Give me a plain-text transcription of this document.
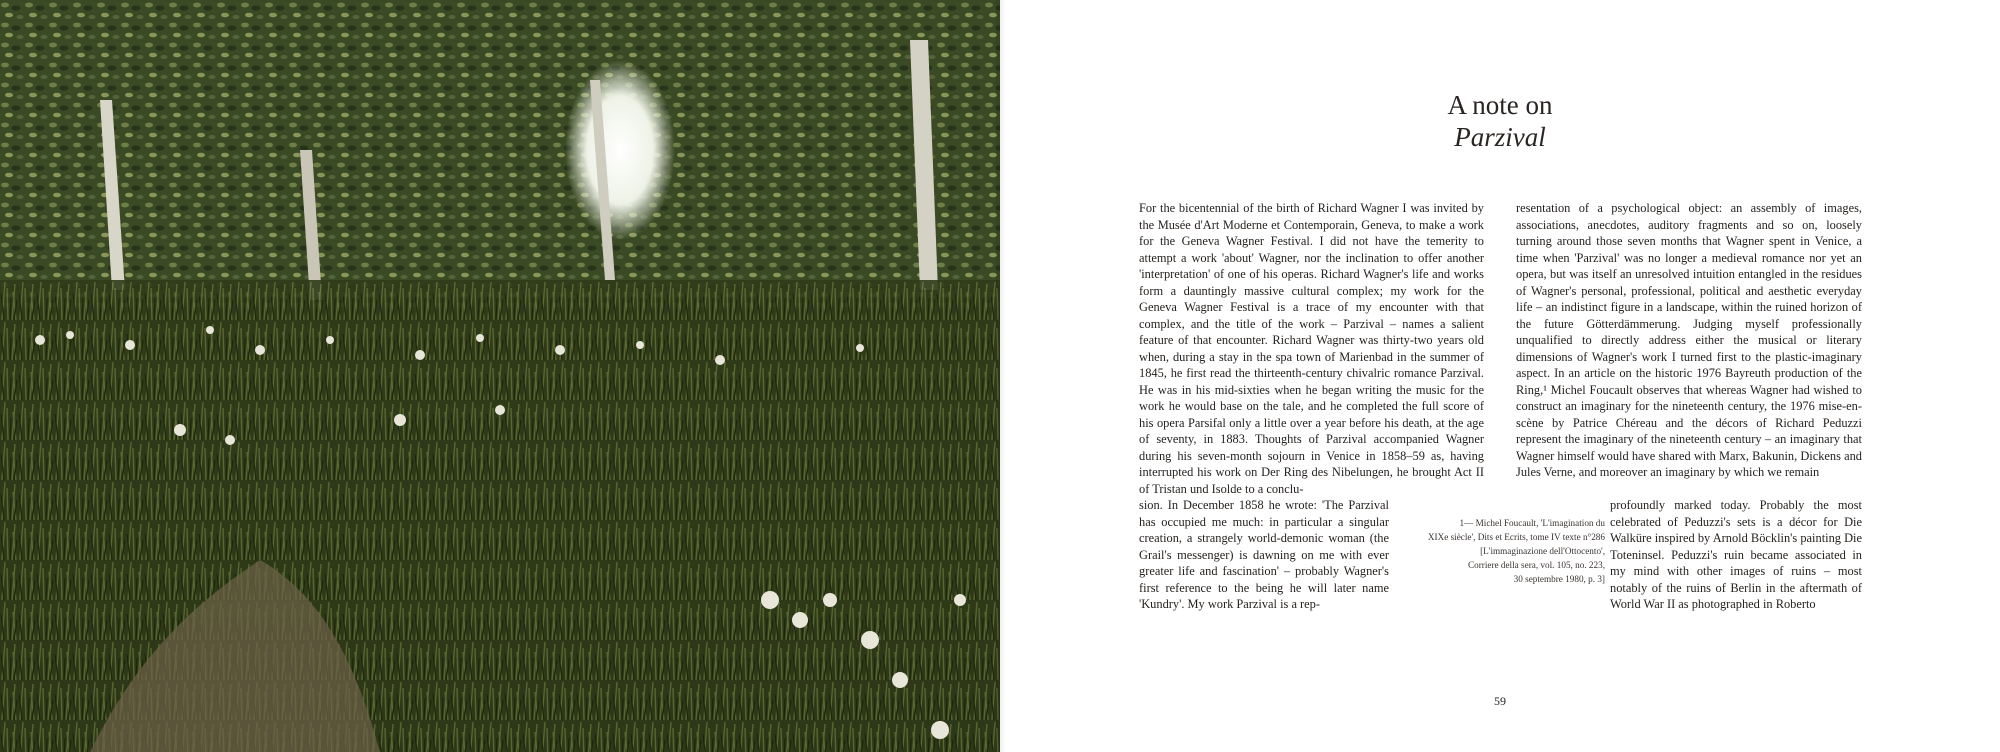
A note on
Parzival

For the bicentennial of the birth of Richard Wagner I was invited by the Musée d'Art Moderne et Contemporain, Geneva, to make a work for the Geneva Wagner Festival. I did not have the temerity to attempt a work 'about' Wagner, nor the inclination to offer another 'interpretation' of one of his operas. Richard Wagner's life and works form a dauntingly massive cultural complex; my work for the Geneva Wagner Festival is a trace of my encounter with that complex, and the title of the work – Parzival – names a salient feature of that encounter. Richard Wagner was thirty-two years old when, during a stay in the spa town of Marienbad in the summer of 1845, he first read the thirteenth-century chivalric romance Parzival. He was in his mid-sixties when he began writing the music for the work he would base on the tale, and he completed the full score of his opera Parsifal only a little over a year before his death, at the age of seventy, in 1883. Thoughts of Parzival accompanied Wagner during his seven-month sojourn in Venice in 1858–59 as, having interrupted his work on Der Ring des Nibelungen, he brought Act II of Tristan und Isolde to a conclu-

sion. In December 1858 he wrote: 'The Parzival has occupied me much: in particular a singular creation, a strangely world-demonic woman (the Grail's messenger) is dawning on me with ever greater life and fascination' – probably Wagner's first reference to the being he will later name 'Kundry'. My work Parzival is a rep-

resentation of a psychological object: an assembly of images, associations, anecdotes, auditory fragments and so on, loosely turning around those seven months that Wagner spent in Venice, a time when 'Parzival' was no longer a medieval romance nor yet an opera, but was itself an unresolved intuition entangled in the residues of Wagner's personal, professional, political and aesthetic everyday life – an indistinct figure in a landscape, within the ruined horizon of the future Götterdämmerung. Judging myself professionally unqualified to directly address either the musical or literary dimensions of Wagner's work I turned first to the plastic-imaginary aspect. In an article on the historic 1976 Bayreuth production of the Ring,¹ Michel Foucault observes that whereas Wagner had wished to construct an imaginary for the nineteenth century, the 1976 mise-en-scène by Patrice Chéreau and the décors of Richard Peduzzi represent the imaginary of the nineteenth century – an imaginary that Wagner himself would have shared with Marx, Bakunin, Dickens and Jules Verne, and moreover an imaginary by which we remain

profoundly marked today. Probably the most celebrated of Peduzzi's sets is a décor for Die Walküre inspired by Arnold Böcklin's painting Die Toteninsel. Peduzzi's ruin became associated in my mind with other images of ruins – most notably of the ruins of Berlin in the aftermath of World War II as photographed in Roberto

1— Michel Foucault, 'L'imagination du
XIXe siècle', Dits et Ecrits, tome IV texte n°286
[L'immaginazione dell'Ottocento',
Corriere della sera, vol. 105, no. 223,
30 septembre 1980, p. 3]
59
